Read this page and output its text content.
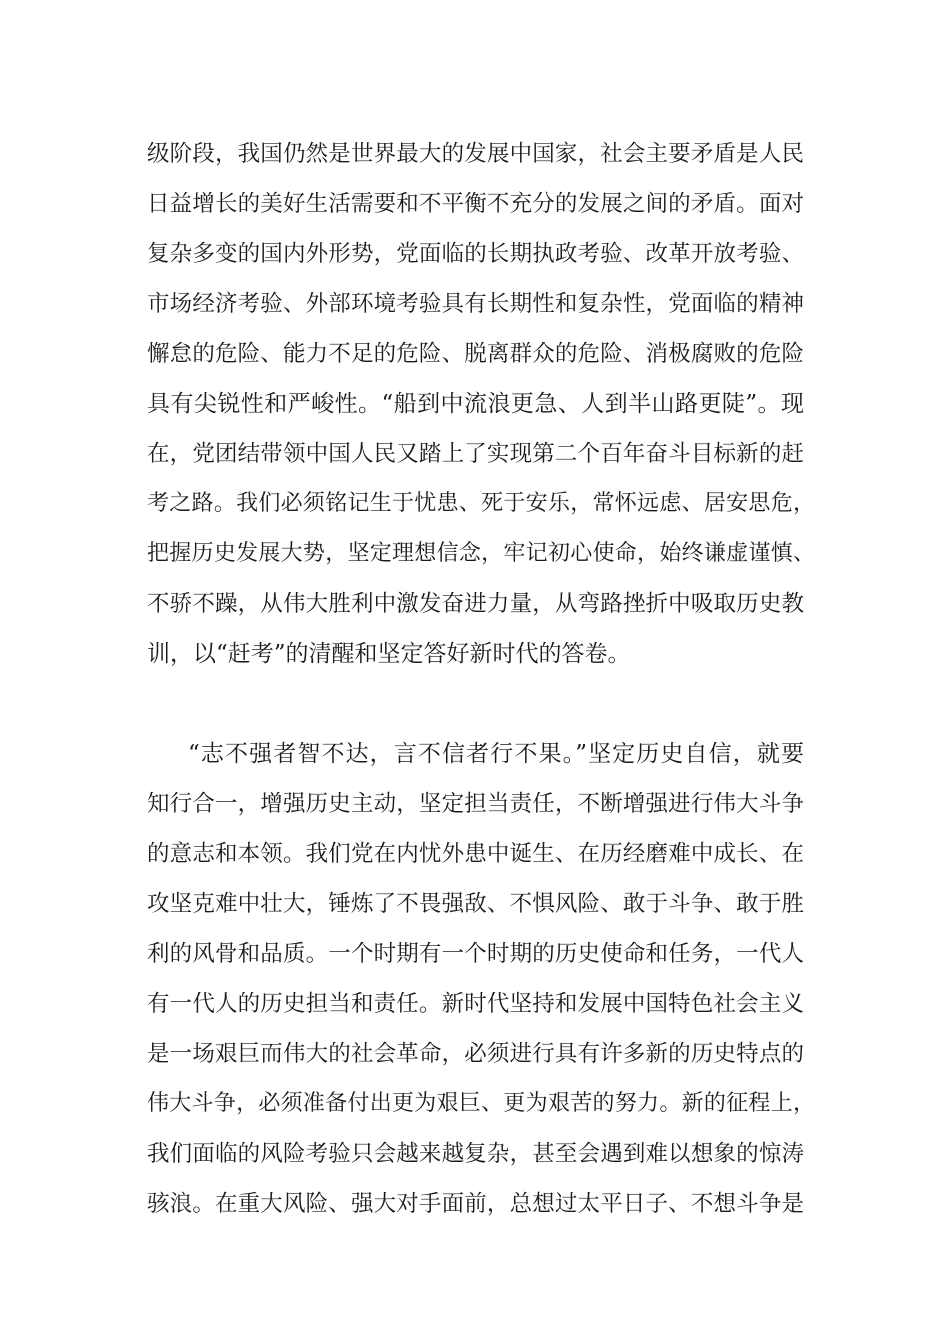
级阶段，我国仍然是世界最大的发展中国家，社会主要矛盾是人民

日益增长的美好生活需要和不平衡不充分的发展之间的矛盾。面对

复杂多变的国内外形势，党面临的长期执政考验、改革开放考验、

市场经济考验、外部环境考验具有长期性和复杂性，党面临的精神

懈怠的危险、能力不足的危险、脱离群众的危险、消极腐败的危险

具有尖锐性和严峻性。“船到中流浪更急、人到半山路更陡”。现

在，党团结带领中国人民又踏上了实现第二个百年奋斗目标新的赶

考之路。我们必须铭记生于忧患、死于安乐，常怀远虑、居安思危，

把握历史发展大势，坚定理想信念，牢记初心使命，始终谦虚谨慎、

不骄不躁，从伟大胜利中激发奋进力量，从弯路挫折中吸取历史教

训，以“赶考”的清醒和坚定答好新时代的答卷。

“志不强者智不达，言不信者行不果。”坚定历史自信，就要

知行合一，增强历史主动，坚定担当责任，不断增强进行伟大斗争

的意志和本领。我们党在内忧外患中诞生、在历经磨难中成长、在

攻坚克难中壮大，锤炼了不畏强敌、不惧风险、敢于斗争、敢于胜

利的风骨和品质。一个时期有一个时期的历史使命和任务，一代人

有一代人的历史担当和责任。新时代坚持和发展中国特色社会主义

是一场艰巨而伟大的社会革命，必须进行具有许多新的历史特点的

伟大斗争，必须准备付出更为艰巨、更为艰苦的努力。新的征程上，

我们面临的风险考验只会越来越复杂，甚至会遇到难以想象的惊涛

骇浪。在重大风险、强大对手面前，总想过太平日子、不想斗争是
